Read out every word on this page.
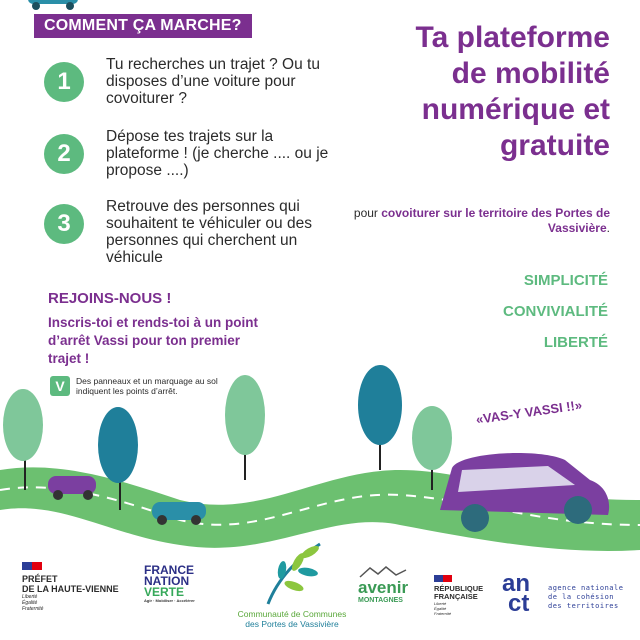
COMMENT ÇA MARCHE?
1
Tu recherches un trajet ? Ou tu disposes d’une voiture pour covoiturer ?
2
Dépose tes trajets sur la plateforme ! (je cherche .... ou je propose ....)
3
Retrouve des personnes qui souhaitent te véhiculer ou des personnes qui cherchent un véhicule
REJOINS-NOUS !
Inscris-toi et rends-toi à un point d’arrêt Vassi pour ton premier trajet !
V	Des panneaux et un marquage au sol indiquent les points d’arrêt.
Ta plateforme
de mobilité
numérique et
gratuite
pour covoiturer sur le territoire des Portes de Vassivière.
SIMPLICITÉ
CONVIVIALITÉ
LIBERTÉ
«VAS-Y VASSI !!»
PRÉFET
DE LA HAUTE-VIENNE
Liberté Égalité Fraternité
FRANCE
NATION
VERTE
Agir · Mobiliser · Accélérer
Communauté de Communes
des Portes de Vassivière
avenir
MONTAGNES
RÉPUBLIQUE
FRANÇAISE
Liberté Égalité Fraternité
an
ct
agence nationale de la cohésion des territoires
